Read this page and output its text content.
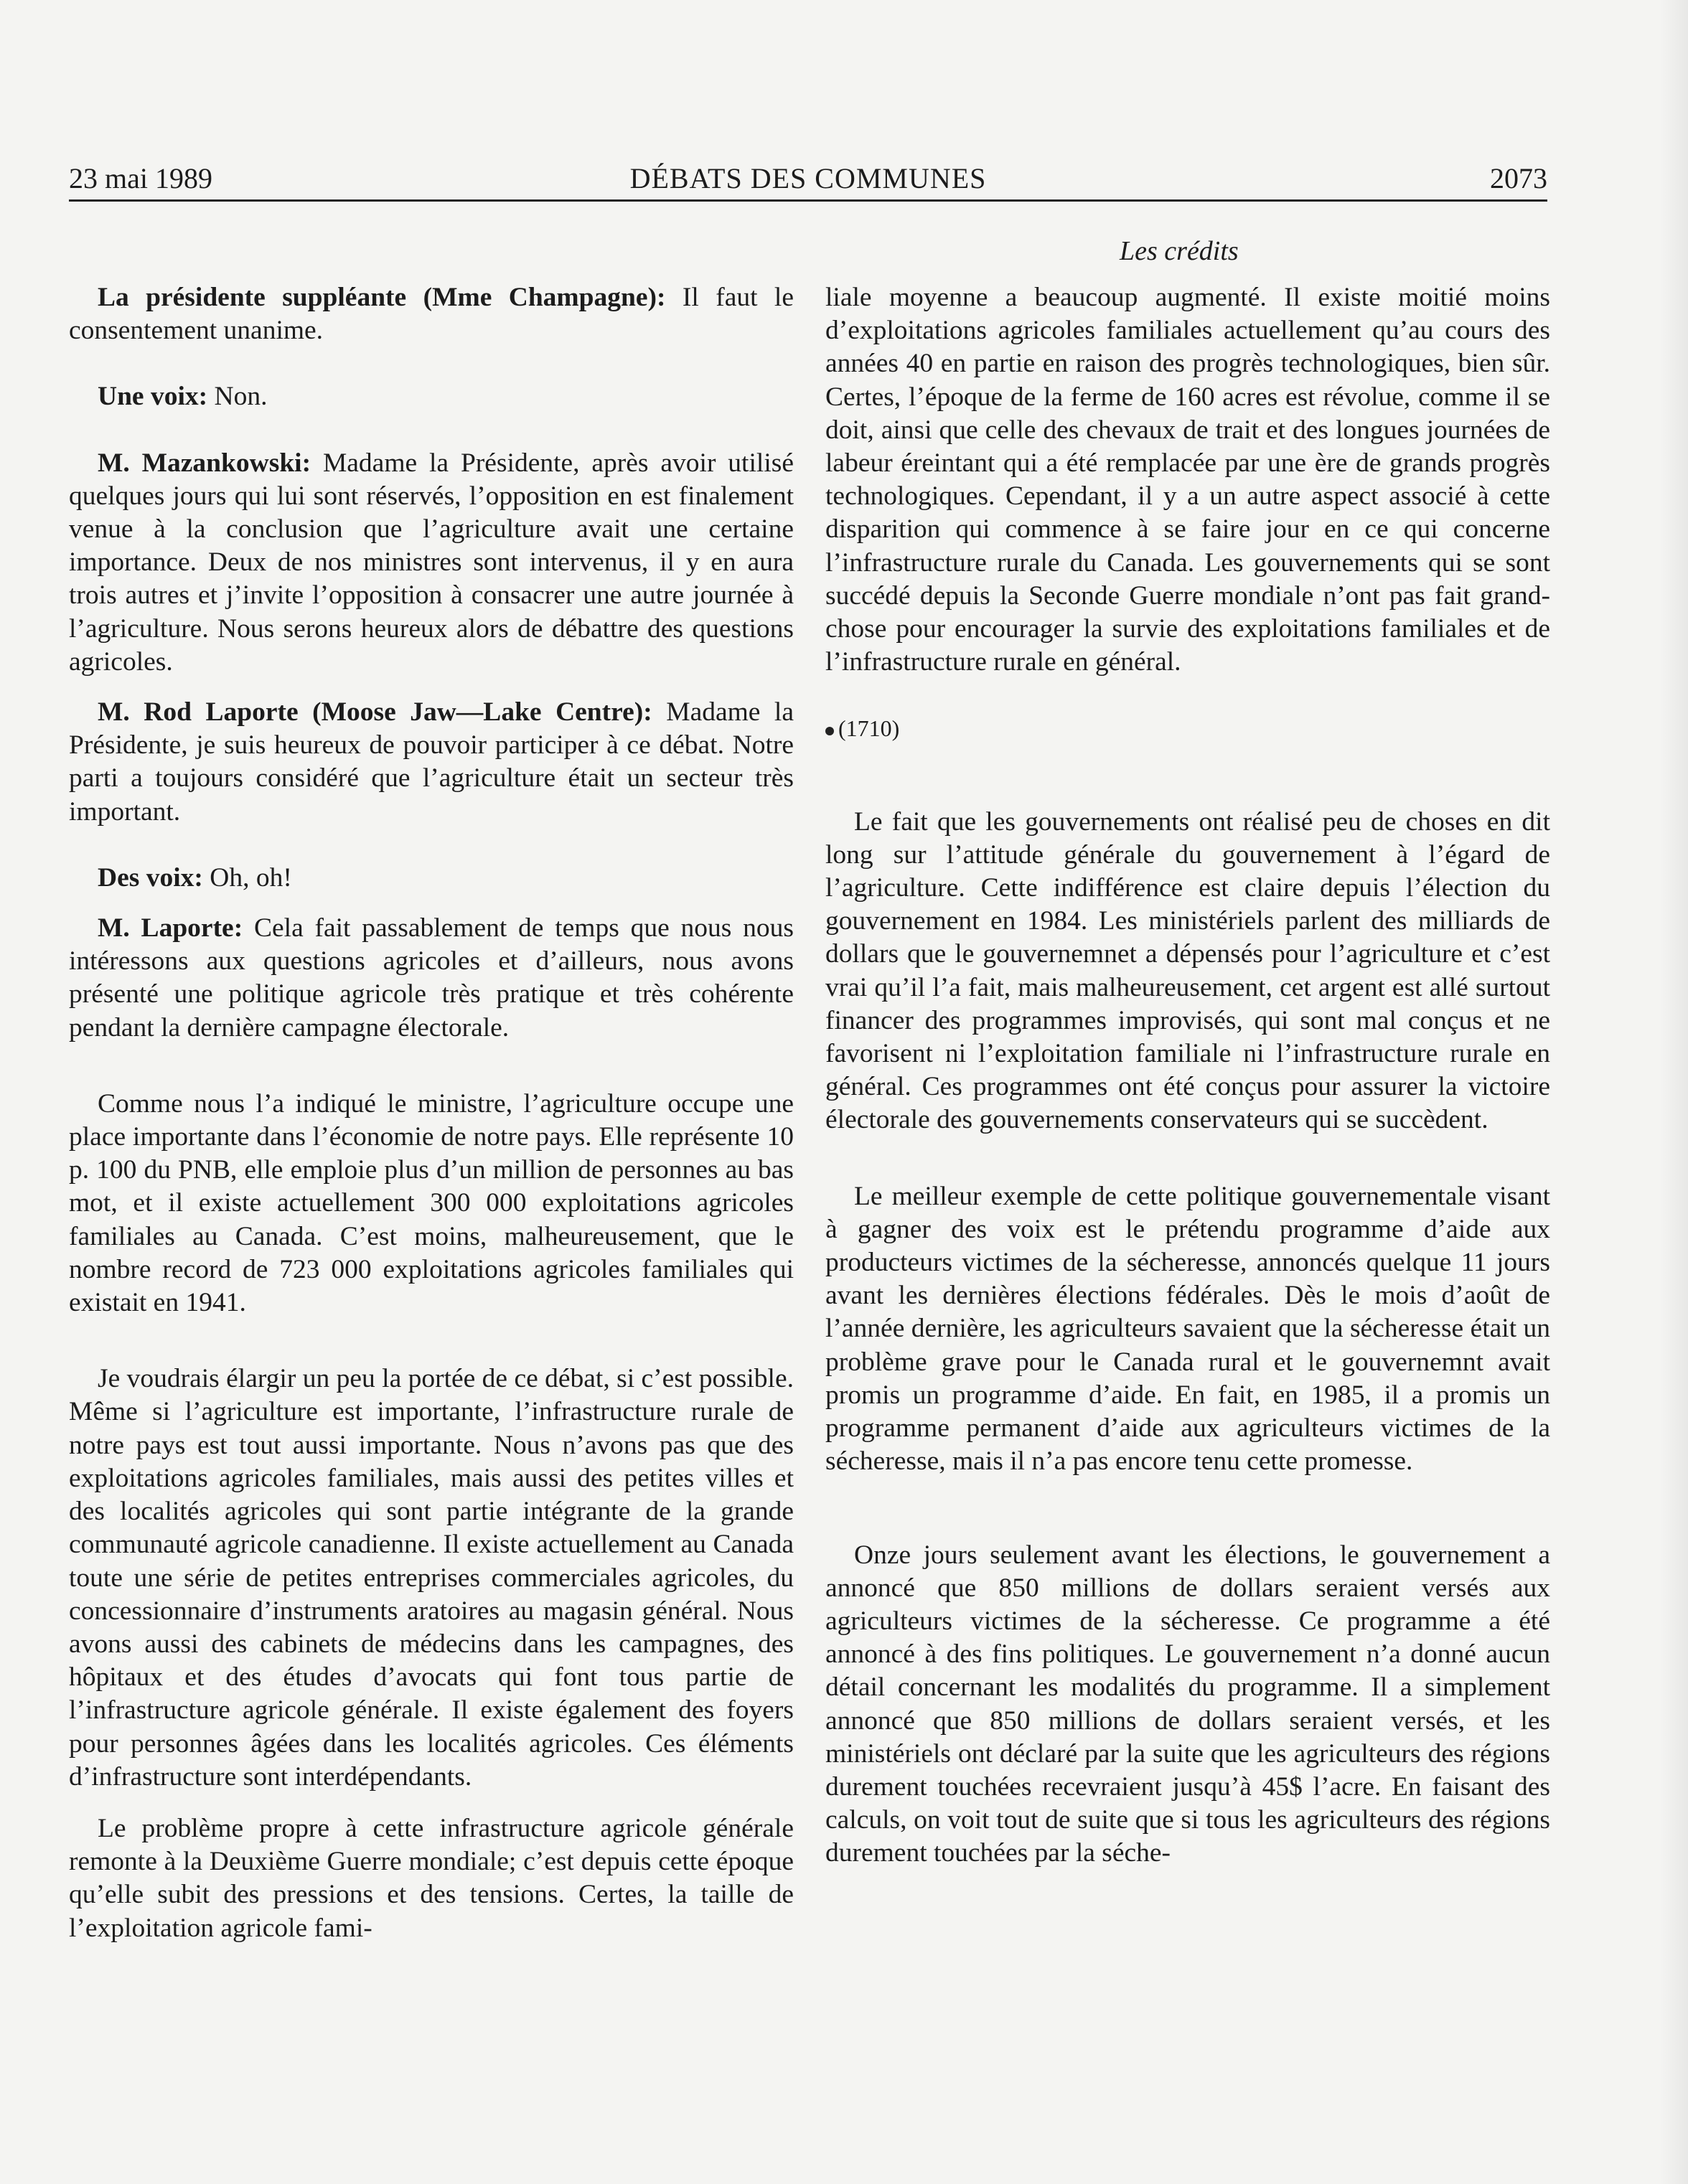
23 mai 1989	DÉBATS DES COMMUNES	2073
Les crédits

La présidente suppléante (Mme Champagne): Il faut le consentement unanime.

Une voix: Non.

M. Mazankowski: Madame la Présidente, après avoir utilisé quelques jours qui lui sont réservés, l’opposition en est finalement venue à la conclusion que l’agriculture avait une certaine importance. Deux de nos ministres sont intervenus, il y en aura trois autres et j’invite l’opposition à consacrer une autre journée à l’agriculture. Nous serons heureux alors de débattre des questions agricoles.

M. Rod Laporte (Moose Jaw—Lake Centre): Madame la Présidente, je suis heureux de pouvoir participer à ce débat. Notre parti a toujours considéré que l’agriculture était un secteur très important.

Des voix: Oh, oh!

M. Laporte: Cela fait passablement de temps que nous nous intéressons aux questions agricoles et d’ailleurs, nous avons présenté une politique agricole très pratique et très cohérente pendant la dernière campagne électorale.

Comme nous l’a indiqué le ministre, l’agriculture occupe une place importante dans l’économie de notre pays. Elle représente 10 p. 100 du PNB, elle emploie plus d’un million de personnes au bas mot, et il existe actuellement 300 000 exploitations agricoles familiales au Canada. C’est moins, malheureusement, que le nombre record de 723 000 exploitations agricoles familiales qui existait en 1941.

Je voudrais élargir un peu la portée de ce débat, si c’est possible. Même si l’agriculture est importante, l’infrastructure rurale de notre pays est tout aussi importante. Nous n’avons pas que des exploitations agricoles familiales, mais aussi des petites villes et des localités agricoles qui sont partie intégrante de la grande communauté agricole canadienne. Il existe actuellement au Canada toute une série de petites entreprises commerciales agricoles, du concessionnaire d’instruments aratoires au magasin général. Nous avons aussi des cabinets de médecins dans les campagnes, des hôpitaux et des études d’avocats qui font tous partie de l’infrastructure agricole générale. Il existe également des foyers pour personnes âgées dans les localités agricoles. Ces éléments d’infrastructure sont interdépendants.

Le problème propre à cette infrastructure agricole générale remonte à la Deuxième Guerre mondiale; c’est depuis cette époque qu’elle subit des pressions et des tensions. Certes, la taille de l’exploitation agricole fami-

liale moyenne a beaucoup augmenté. Il existe moitié moins d’exploitations agricoles familiales actuellement qu’au cours des années 40 en partie en raison des progrès technologiques, bien sûr. Certes, l’époque de la ferme de 160 acres est révolue, comme il se doit, ainsi que celle des chevaux de trait et des longues journées de labeur éreintant qui a été remplacée par une ère de grands progrès technologiques. Cependant, il y a un autre aspect associé à cette disparition qui commence à se faire jour en ce qui concerne l’infrastructure rurale du Canada. Les gouvernements qui se sont succédé depuis la Seconde Guerre mondiale n’ont pas fait grand-chose pour encourager la survie des exploitations familiales et de l’infrastructure rurale en général.

(1710)

Le fait que les gouvernements ont réalisé peu de choses en dit long sur l’attitude générale du gouvernement à l’égard de l’agriculture. Cette indifférence est claire depuis l’élection du gouvernement en 1984. Les ministériels parlent des milliards de dollars que le gouvernemnet a dépensés pour l’agriculture et c’est vrai qu’il l’a fait, mais malheureusement, cet argent est allé surtout financer des programmes improvisés, qui sont mal conçus et ne favorisent ni l’exploitation familiale ni l’infrastructure rurale en général. Ces programmes ont été conçus pour assurer la victoire électorale des gouvernements conservateurs qui se succèdent.

Le meilleur exemple de cette politique gouvernementale visant à gagner des voix est le prétendu programme d’aide aux producteurs victimes de la sécheresse, annoncés quelque 11 jours avant les dernières élections fédérales. Dès le mois d’août de l’année dernière, les agriculteurs savaient que la sécheresse était un problème grave pour le Canada rural et le gouvernemnt avait promis un programme d’aide. En fait, en 1985, il a promis un programme permanent d’aide aux agriculteurs victimes de la sécheresse, mais il n’a pas encore tenu cette promesse.

Onze jours seulement avant les élections, le gouvernement a annoncé que 850 millions de dollars seraient versés aux agriculteurs victimes de la sécheresse. Ce programme a été annoncé à des fins politiques. Le gouvernement n’a donné aucun détail concernant les modalités du programme. Il a simplement annoncé que 850 millions de dollars seraient versés, et les ministériels ont déclaré par la suite que les agriculteurs des régions durement touchées recevraient jusqu’à 45$ l’acre. En faisant des calculs, on voit tout de suite que si tous les agriculteurs des régions durement touchées par la séche-
